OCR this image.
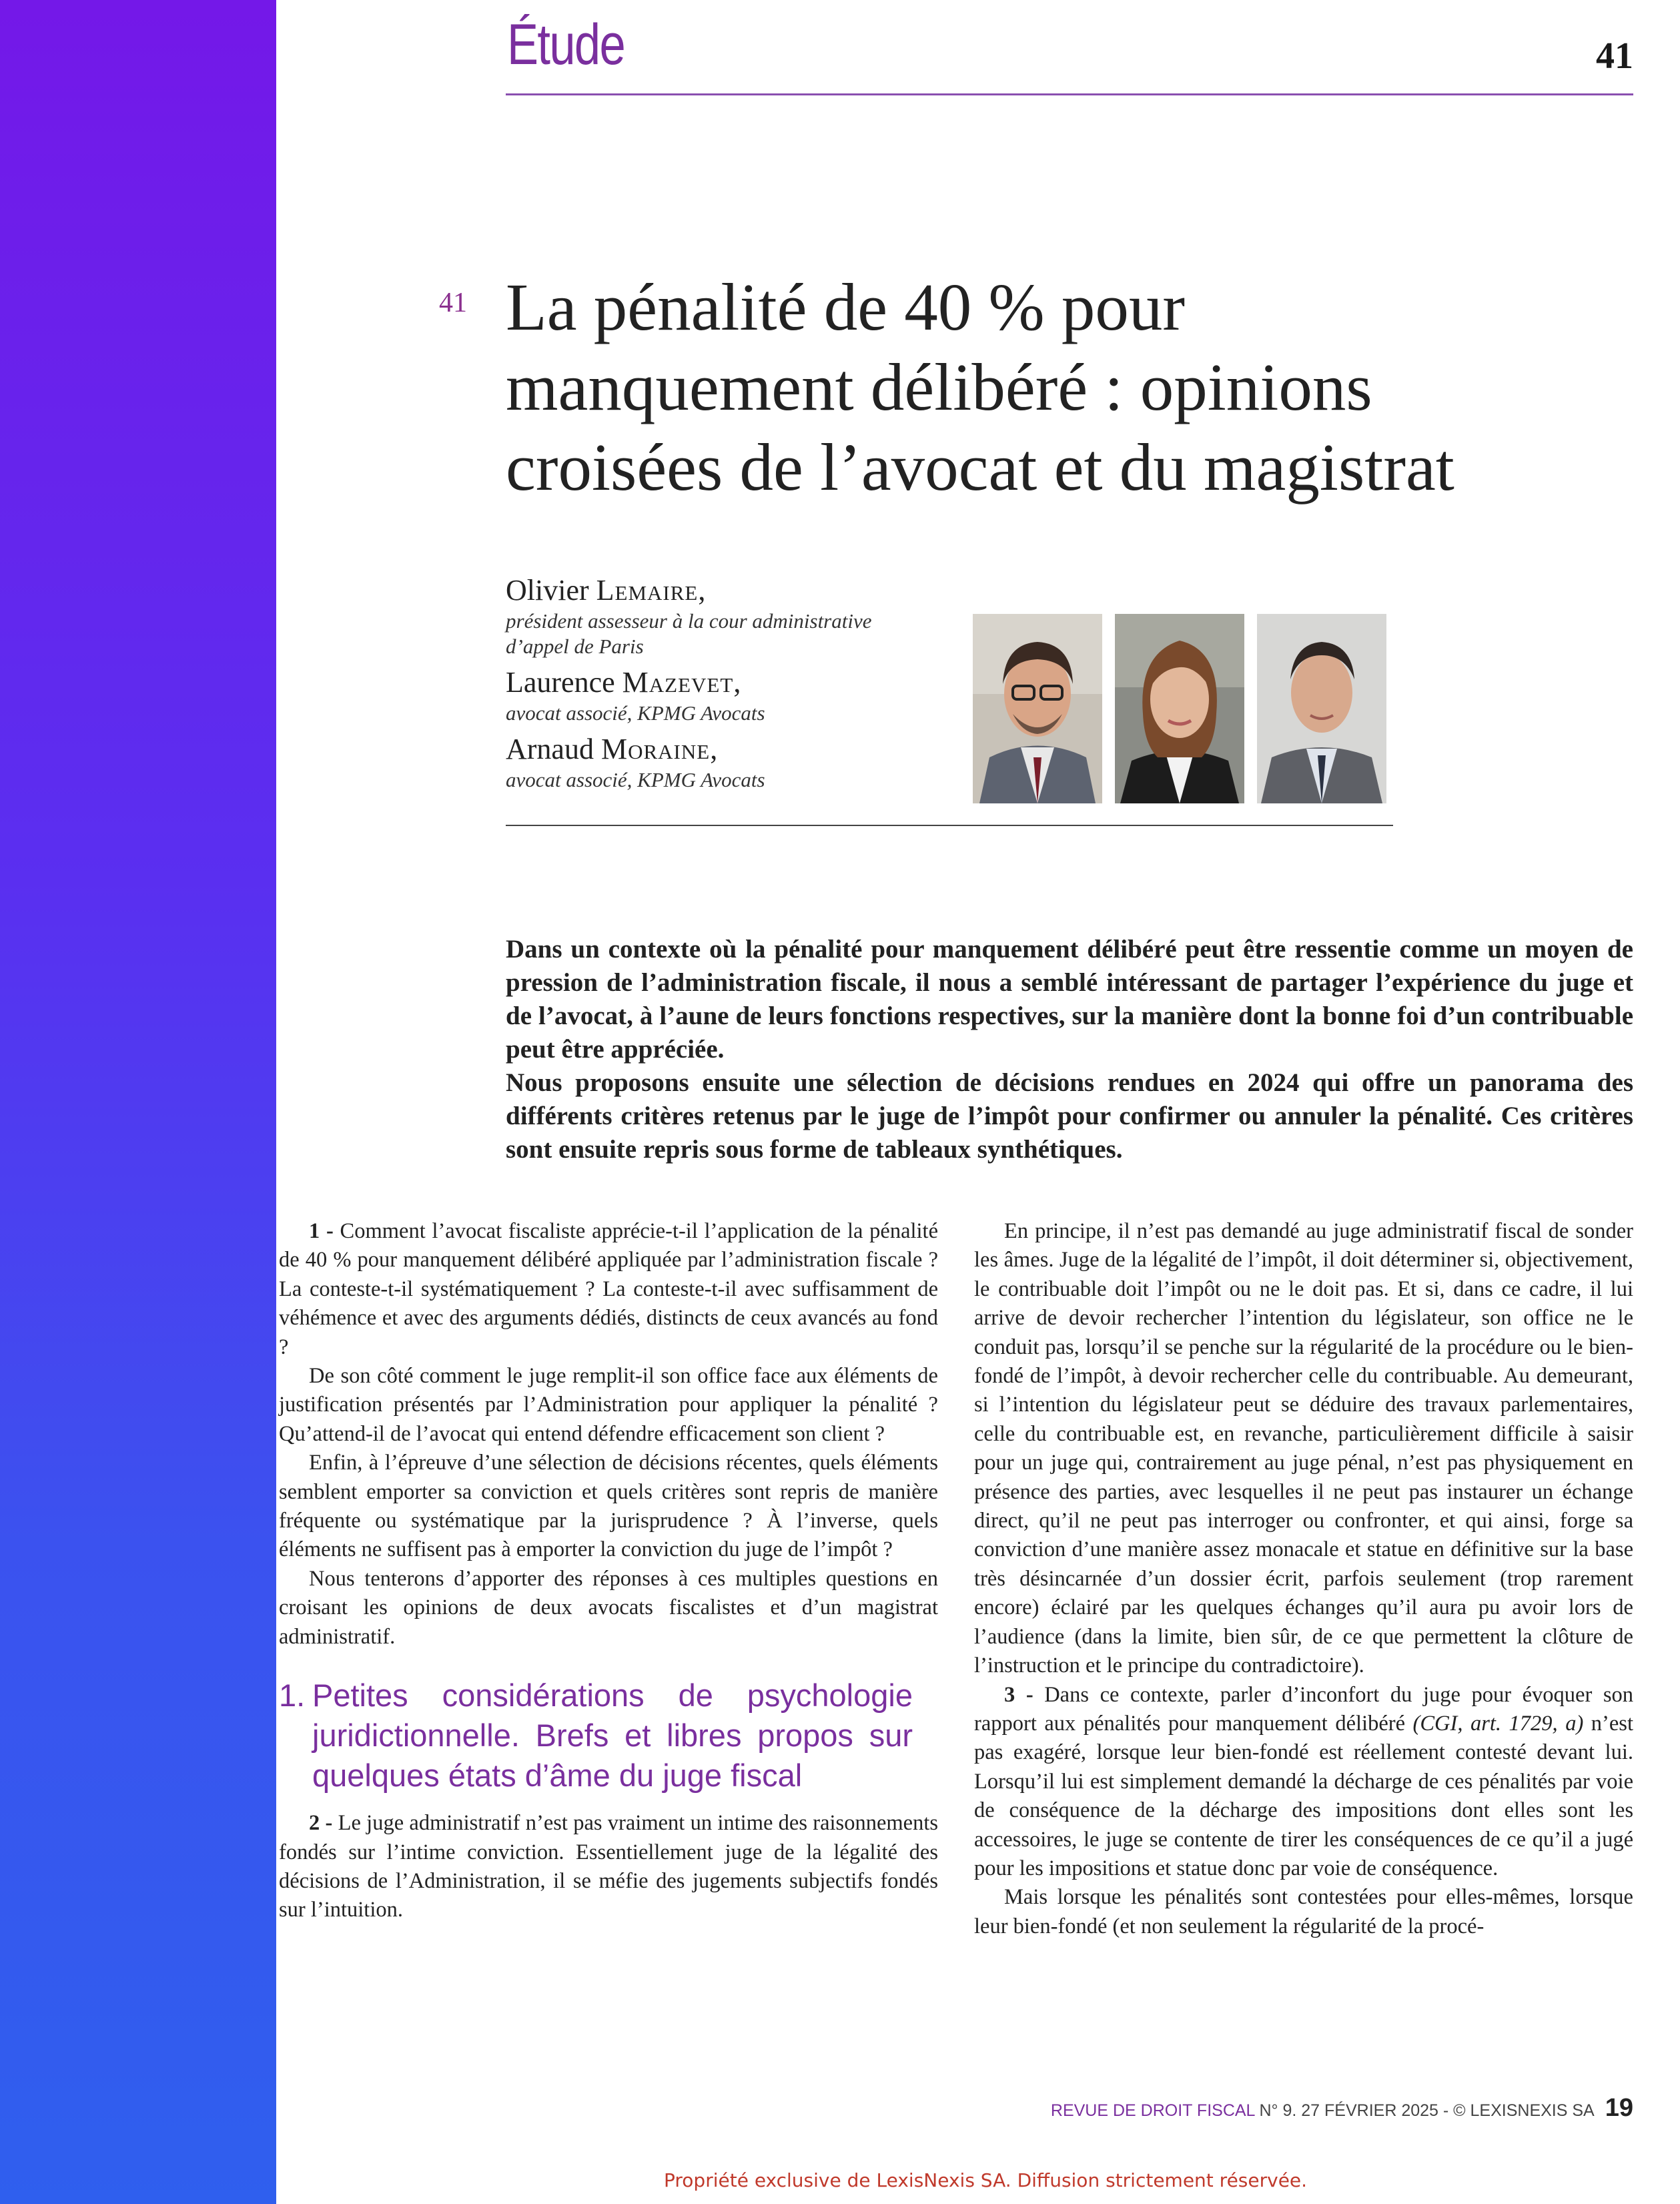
Étude	41
41 La pénalité de 40 % pour
manquement délibéré : opinions
croisées de l’avocat et du magistrat
Olivier Lemaire,
président assesseur à la cour administrative
d’appel de Paris
Laurence Mazevet,
avocat associé, KPMG Avocats
Arnaud Moraine,
avocat associé, KPMG Avocats

Dans un contexte où la pénalité pour manquement délibéré peut être ressentie comme un moyen de pression de l’administration fiscale, il nous a semblé intéressant de partager l’expérience du juge et de l’avocat, à l’aune de leurs fonctions respectives, sur la manière dont la bonne foi d’un contribuable peut être appréciée.

Nous proposons ensuite une sélection de décisions rendues en 2024 qui offre un panorama des différents critères retenus par le juge de l’impôt pour confirmer ou annuler la pénalité. Ces critères sont ensuite repris sous forme de tableaux synthétiques.

1 - Comment l’avocat fiscaliste apprécie-t-il l’application de la pénalité de 40 % pour manquement délibéré appliquée par l’administration fiscale ? La conteste-t-il systématiquement ? La conteste-t-il avec suffisamment de véhémence et avec des arguments dédiés, distincts de ceux avancés au fond ?

De son côté comment le juge remplit-il son office face aux éléments de justification présentés par l’Administration pour appliquer la pénalité ? Qu’attend-il de l’avocat qui entend défendre efficacement son client ?

Enfin, à l’épreuve d’une sélection de décisions récentes, quels éléments semblent emporter sa conviction et quels critères sont repris de manière fréquente ou systématique par la jurisprudence ? À l’inverse, quels éléments ne suffisent pas à emporter la conviction du juge de l’impôt ?

Nous tenterons d’apporter des réponses à ces multiples questions en croisant les opinions de deux avocats fiscalistes et d’un magistrat administratif.

1. Petites considérations de psychologie juridictionnelle. Brefs et libres propos sur quelques états d’âme du juge fiscal

2 - Le juge administratif n’est pas vraiment un intime des raisonnements fondés sur l’intime conviction. Essentiellement juge de la légalité des décisions de l’Administration, il se méfie des jugements subjectifs fondés sur l’intuition.

En principe, il n’est pas demandé au juge administratif fiscal de sonder les âmes. Juge de la légalité de l’impôt, il doit déterminer si, objectivement, le contribuable doit l’impôt ou ne le doit pas. Et si, dans ce cadre, il lui arrive de devoir rechercher l’intention du législateur, son office ne le conduit pas, lorsqu’il se penche sur la régularité de la procédure ou le bien-fondé de l’impôt, à devoir rechercher celle du contribuable. Au demeurant, si l’intention du législateur peut se déduire des travaux parlementaires, celle du contribuable est, en revanche, particulièrement difficile à saisir pour un juge qui, contrairement au juge pénal, n’est pas physiquement en présence des parties, avec lesquelles il ne peut pas instaurer un échange direct, qu’il ne peut pas interroger ou confronter, et qui ainsi, forge sa conviction d’une manière assez monacale et statue en définitive sur la base très désincarnée d’un dossier écrit, parfois seulement (trop rarement encore) éclairé par les quelques échanges qu’il aura pu avoir lors de l’audience (dans la limite, bien sûr, de ce que permettent la clôture de l’instruction et le principe du contradictoire).

3 - Dans ce contexte, parler d’inconfort du juge pour évoquer son rapport aux pénalités pour manquement délibéré (CGI, art. 1729, a) n’est pas exagéré, lorsque leur bien-fondé est réellement contesté devant lui. Lorsqu’il lui est simplement demandé la décharge de ces pénalités par voie de conséquence de la décharge des impositions dont elles sont les accessoires, le juge se contente de tirer les conséquences de ce qu’il a jugé pour les impositions et statue donc par voie de conséquence.

Mais lorsque les pénalités sont contestées pour elles-mêmes, lorsque leur bien-fondé (et non seulement la régularité de la procé-

REVUE DE DROIT FISCAL N° 9. 27 FÉVRIER 2025 - © LEXISNEXIS SA 19
Propriété exclusive de LexisNexis SA. Diffusion strictement réservée.
